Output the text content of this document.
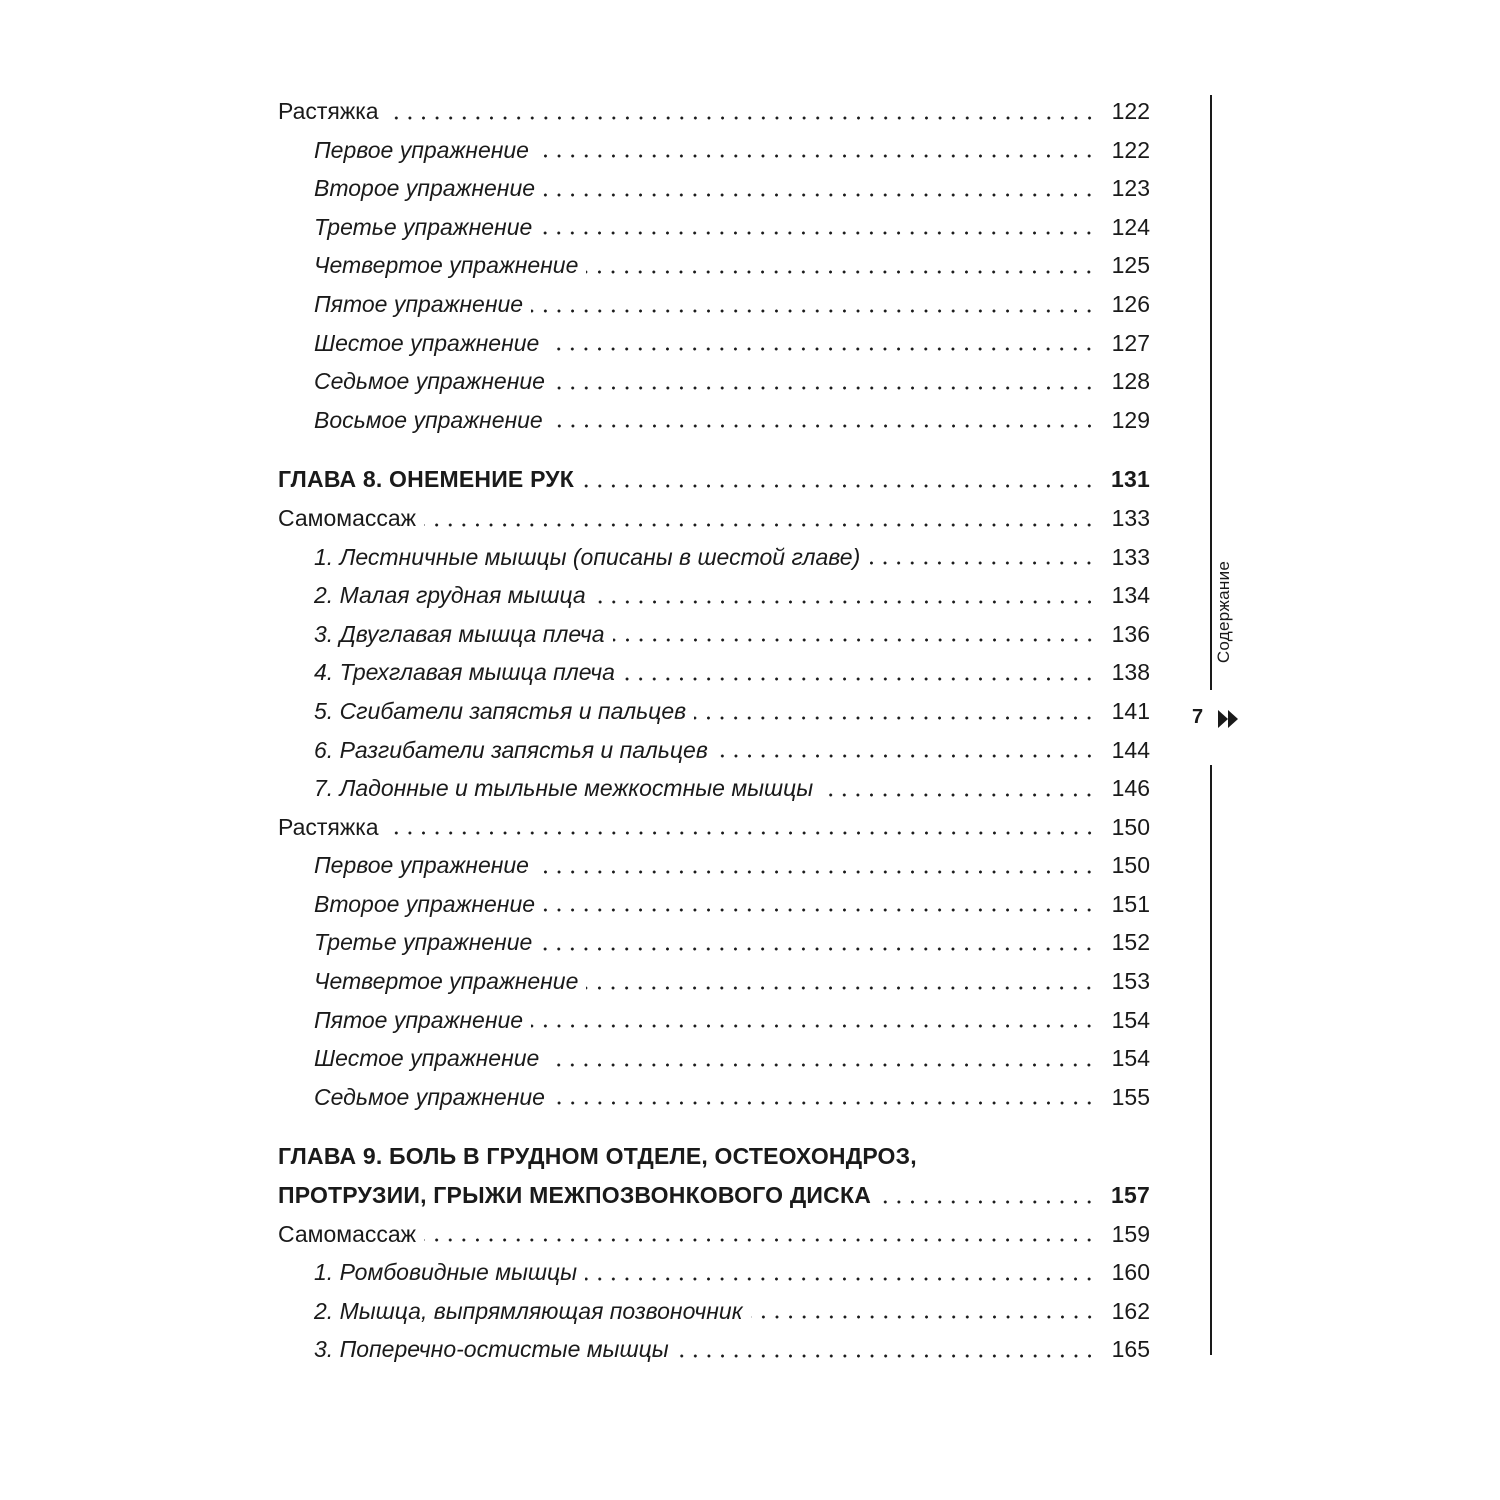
Растяжка	122
Первое упражнение	122
Второе упражнение	123
Третье упражнение	124
Четвертое упражнение	125
Пятое упражнение	126
Шестое упражнение	127
Седьмое упражнение	128
Восьмое упражнение	129
ГЛАВА 8. ОНЕМЕНИЕ РУК	131
Самомассаж	133
1. Лестничные мышцы (описаны в шестой главе)	133
2. Малая грудная мышца	134
3. Двуглавая мышца плеча	136
4. Трехглавая мышца плеча	138
5. Сгибатели запястья и пальцев	141
6. Разгибатели запястья и пальцев	144
7. Ладонные и тыльные межкостные мышцы	146
Растяжка	150
Первое упражнение	150
Второе упражнение	151
Третье упражнение	152
Четвертое упражнение	153
Пятое упражнение	154
Шестое упражнение	154
Седьмое упражнение	155
ГЛАВА 9. БОЛЬ В ГРУДНОМ ОТДЕЛЕ, ОСТЕОХОНДРОЗ,
ПРОТРУЗИИ, ГРЫЖИ МЕЖПОЗВОНКОВОГО ДИСКА	157
Самомассаж	159
1. Ромбовидные мышцы	160
2. Мышца, выпрямляющая позвоночник	162
3. Поперечно-остистые мышцы	165
Содержание
7
